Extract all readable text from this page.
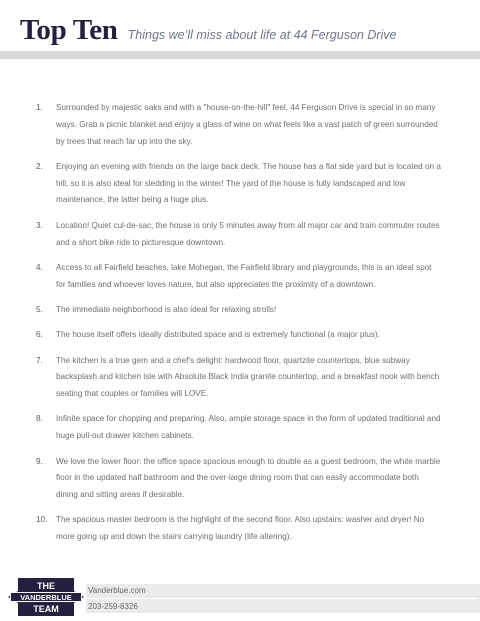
Top Ten Things we’ll miss about life at 44 Ferguson Drive
1.	Surrounded by majestic oaks and with a "house-on-the-hill" feel, 44 Ferguson Drive is special in so many ways. Grab a picnic blanket and enjoy a glass of wine on what feels like a vast patch of green surrounded by trees that reach far up into the sky.
2.	Enjoying an evening with friends on the large back deck. The house has a flat side yard but is located on a hill, so it is also ideal for sledding in the winter! The yard of the house is fully landscaped and low maintenance, the latter being a huge plus.
3.	Location! Quiet cul-de-sac, the house is only 5 minutes away from all major car and train commuter routes and a short bike ride to picturesque downtown.
4.	Access to all Fairfield beaches, lake Mohegan, the Fairfield library and playgrounds, this is an ideal spot for families and whoever loves nature, but also appreciates the proximity of a downtown.
5.	The immediate neighborhood is also ideal for relaxing strolls!
6.	The house itself offers ideally distributed space and is extremely functional (a major plus).
7.	The kitchen is a true gem and a chef's delight: hardwood floor, quartzite countertops, blue subway backsplash and kitchen isle with Absolute Black India granite countertop, and a breakfast nook with bench seating that couples or families will LOVE.
8.	Infinite space for chopping and preparing. Also, ample storage space in the form of updated traditional and huge pull-out drawer kitchen cabinets.
9.	We love the lower floor: the office space spacious enough to double as a guest bedroom, the white marble floor in the updated half bathroom and the over-large dining room that can easily accommodate both dining and sitting areas if desirable.
10.	The spacious master bedroom is the highlight of the second floor. Also upstairs: washer and dryer! No more going up and down the stairs carrying laundry (life altering).
Vanderblue.com
203-259-8326
THE
VANDERBLUE
TEAM
